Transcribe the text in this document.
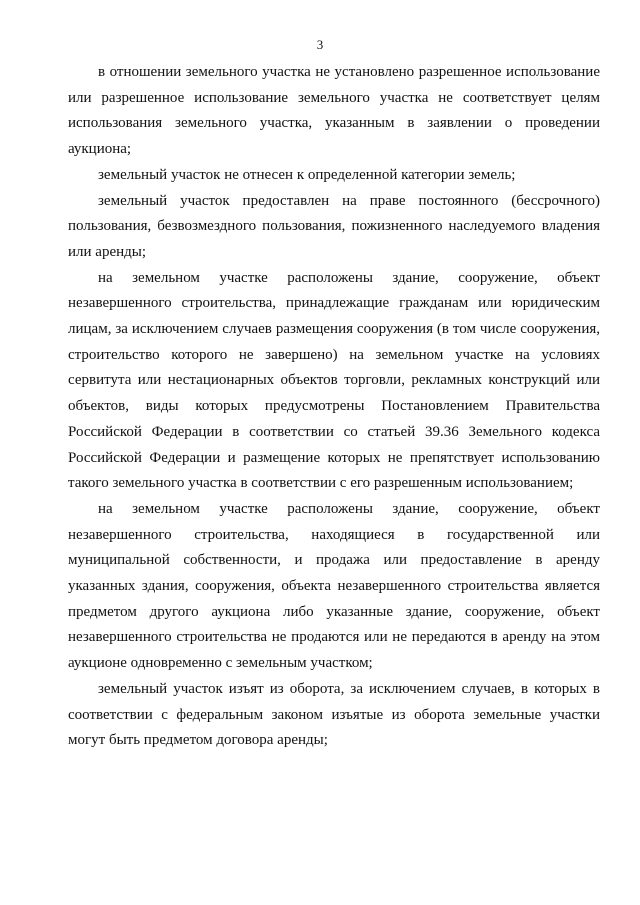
3

в отношении земельного участка не установлено разрешенное использование или разрешенное использование земельного участка не соответствует целям использования земельного участка, указанным в заявлении о проведении аукциона;

земельный участок не отнесен к определенной категории земель;

земельный участок предоставлен на праве постоянного (бессрочного) пользования, безвозмездного пользования, пожизненного наследуемого владения или аренды;

на земельном участке расположены здание, сооружение, объект незавершенного строительства, принадлежащие гражданам или юридическим лицам, за исключением случаев размещения сооружения (в том числе сооружения, строительство которого не завершено) на земельном участке на условиях сервитута или нестационарных объектов торговли, рекламных конструкций или объектов, виды которых предусмотрены Постановлением Правительства Российской Федерации в соответствии со статьей 39.36 Земельного кодекса Российской Федерации и размещение которых не препятствует использованию такого земельного участка в соответствии с его разрешенным использованием;

на земельном участке расположены здание, сооружение, объект незавершенного строительства, находящиеся в государственной или муниципальной собственности, и продажа или предоставление в аренду указанных здания, сооружения, объекта незавершенного строительства является предметом другого аукциона либо указанные здание, сооружение, объект незавершенного строительства не продаются или не передаются в аренду на этом аукционе одновременно с земельным участком;

земельный участок изъят из оборота, за исключением случаев, в которых в соответствии с федеральным законом изъятые из оборота земельные участки могут быть предметом договора аренды;
